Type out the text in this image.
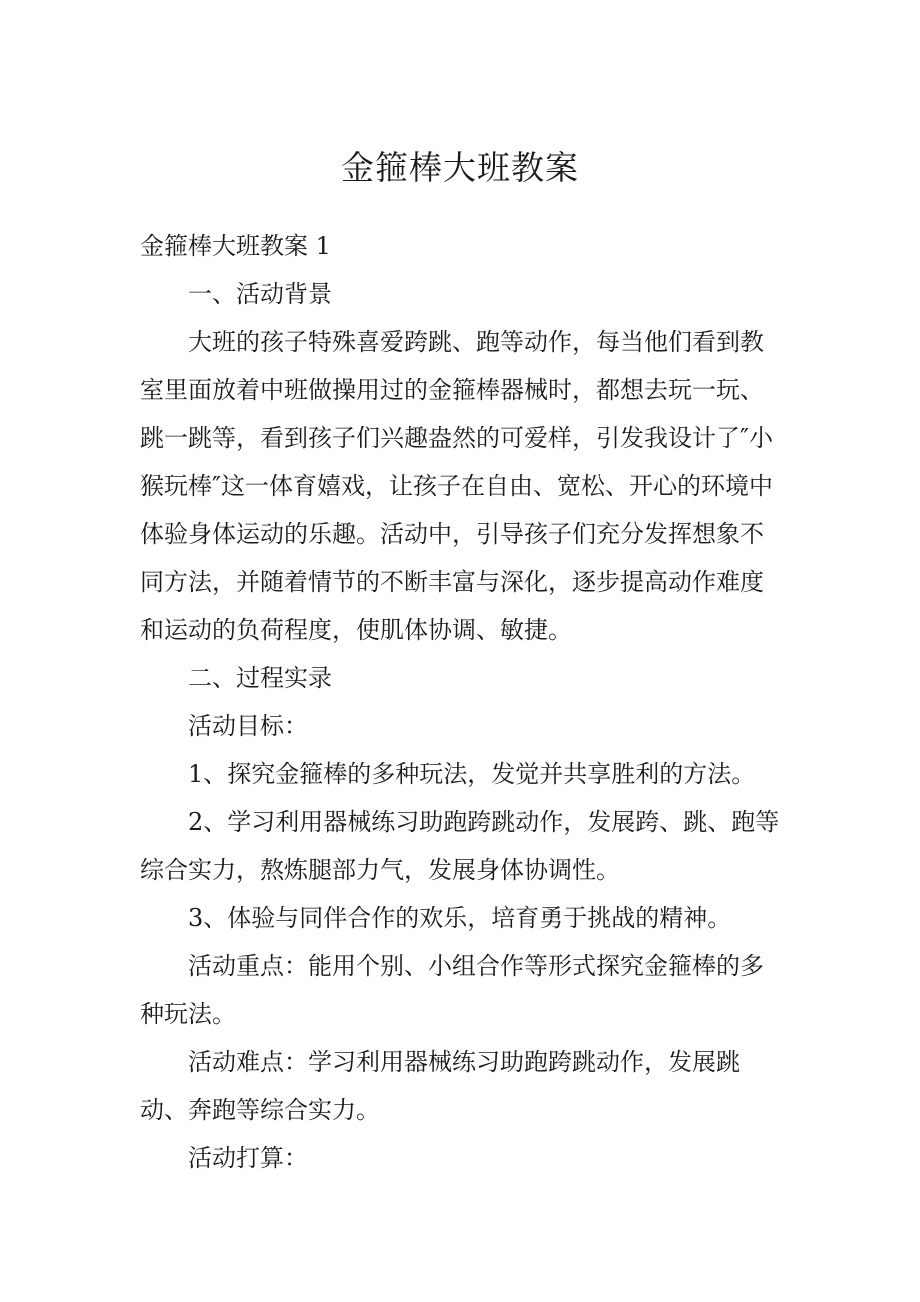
金箍棒大班教案

金箍棒大班教案 1

一、活动背景

大班的孩子特殊喜爱跨跳、跑等动作，每当他们看到教室里面放着中班做操用过的金箍棒器械时，都想去玩一玩、跳一跳等，看到孩子们兴趣盎然的可爱样，引发我设计了″小猴玩棒″这一体育嬉戏，让孩子在自由、宽松、开心的环境中体验身体运动的乐趣。活动中，引导孩子们充分发挥想象不同方法，并随着情节的不断丰富与深化，逐步提高动作难度和运动的负荷程度，使肌体协调、敏捷。

二、过程实录

活动目标：

1、探究金箍棒的多种玩法，发觉并共享胜利的方法。

2、学习利用器械练习助跑跨跳动作，发展跨、跳、跑等综合实力，熬炼腿部力气，发展身体协调性。

3、体验与同伴合作的欢乐，培育勇于挑战的精神。

活动重点：能用个别、小组合作等形式探究金箍棒的多种玩法。

活动难点：学习利用器械练习助跑跨跳动作，发展跳动、奔跑等综合实力。

活动打算：
